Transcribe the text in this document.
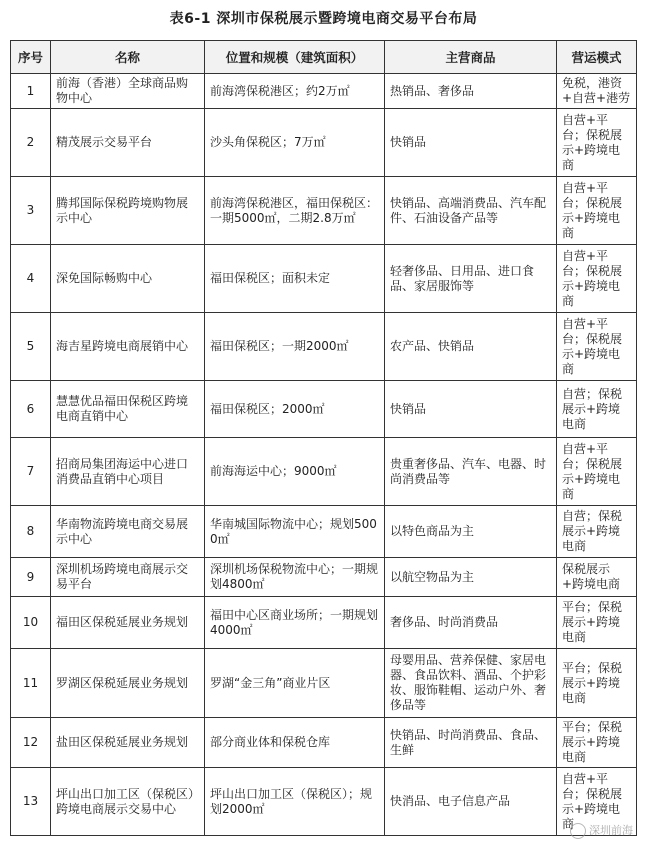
表6-1 深圳市保税展示暨跨境电商交易平台布局
序号	名称	位置和规模（建筑面积）	主营商品	营运模式
1	前海（香港）全球商品购物中心	前海湾保税港区；约2万㎡	热销品、奢侈品	免税，港资+自营+港劳
2	精茂展示交易平台	沙头角保税区；7万㎡	快销品	自营+平台；保税展示+跨境电商
3	腾邦国际保税跨境购物展示中心	前海湾保税港区，福田保税区：一期5000㎡，二期2.8万㎡	快销品、高端消费品、汽车配件、石油设备产品等	自营+平台；保税展示+跨境电商
4	深免国际畅购中心	福田保税区；面积未定	轻奢侈品、日用品、进口食品、家居服饰等	自营+平台；保税展示+跨境电商
5	海吉星跨境电商展销中心	福田保税区；一期2000㎡	农产品、快销品	自营+平台；保税展示+跨境电商
6	慧慧优品福田保税区跨境电商直销中心	福田保税区；2000㎡	快销品	自营；保税展示+跨境电商
7	招商局集团海运中心进口消费品直销中心项目	前海海运中心；9000㎡	贵重奢侈品、汽车、电器、时尚消费品等	自营+平台；保税展示+跨境电商
8	华南物流跨境电商交易展示中心	华南城国际物流中心；规划5000㎡	以特色商品为主	自营；保税展示+跨境电商
9	深圳机场跨境电商展示交易平台	深圳机场保税物流中心；一期规划4800㎡	以航空物品为主	保税展示+跨境电商
10	福田区保税延展业务规划	福田中心区商业场所；一期规划4000㎡	奢侈品、时尚消费品	平台；保税展示+跨境电商
11	罗湖区保税延展业务规划	罗湖“金三角”商业片区	母婴用品、营养保健、家居电器、食品饮料、酒品、个护彩妆、服饰鞋帽、运动户外、奢侈品等	平台；保税展示+跨境电商
12	盐田区保税延展业务规划	部分商业体和保税仓库	快销品、时尚消费品、食品、生鲜	平台；保税展示+跨境电商
13	坪山出口加工区（保税区）跨境电商展示交易中心	坪山出口加工区（保税区）；规划2000㎡	快消品、电子信息产品	自营+平台；保税展示+跨境电商	深圳前海
